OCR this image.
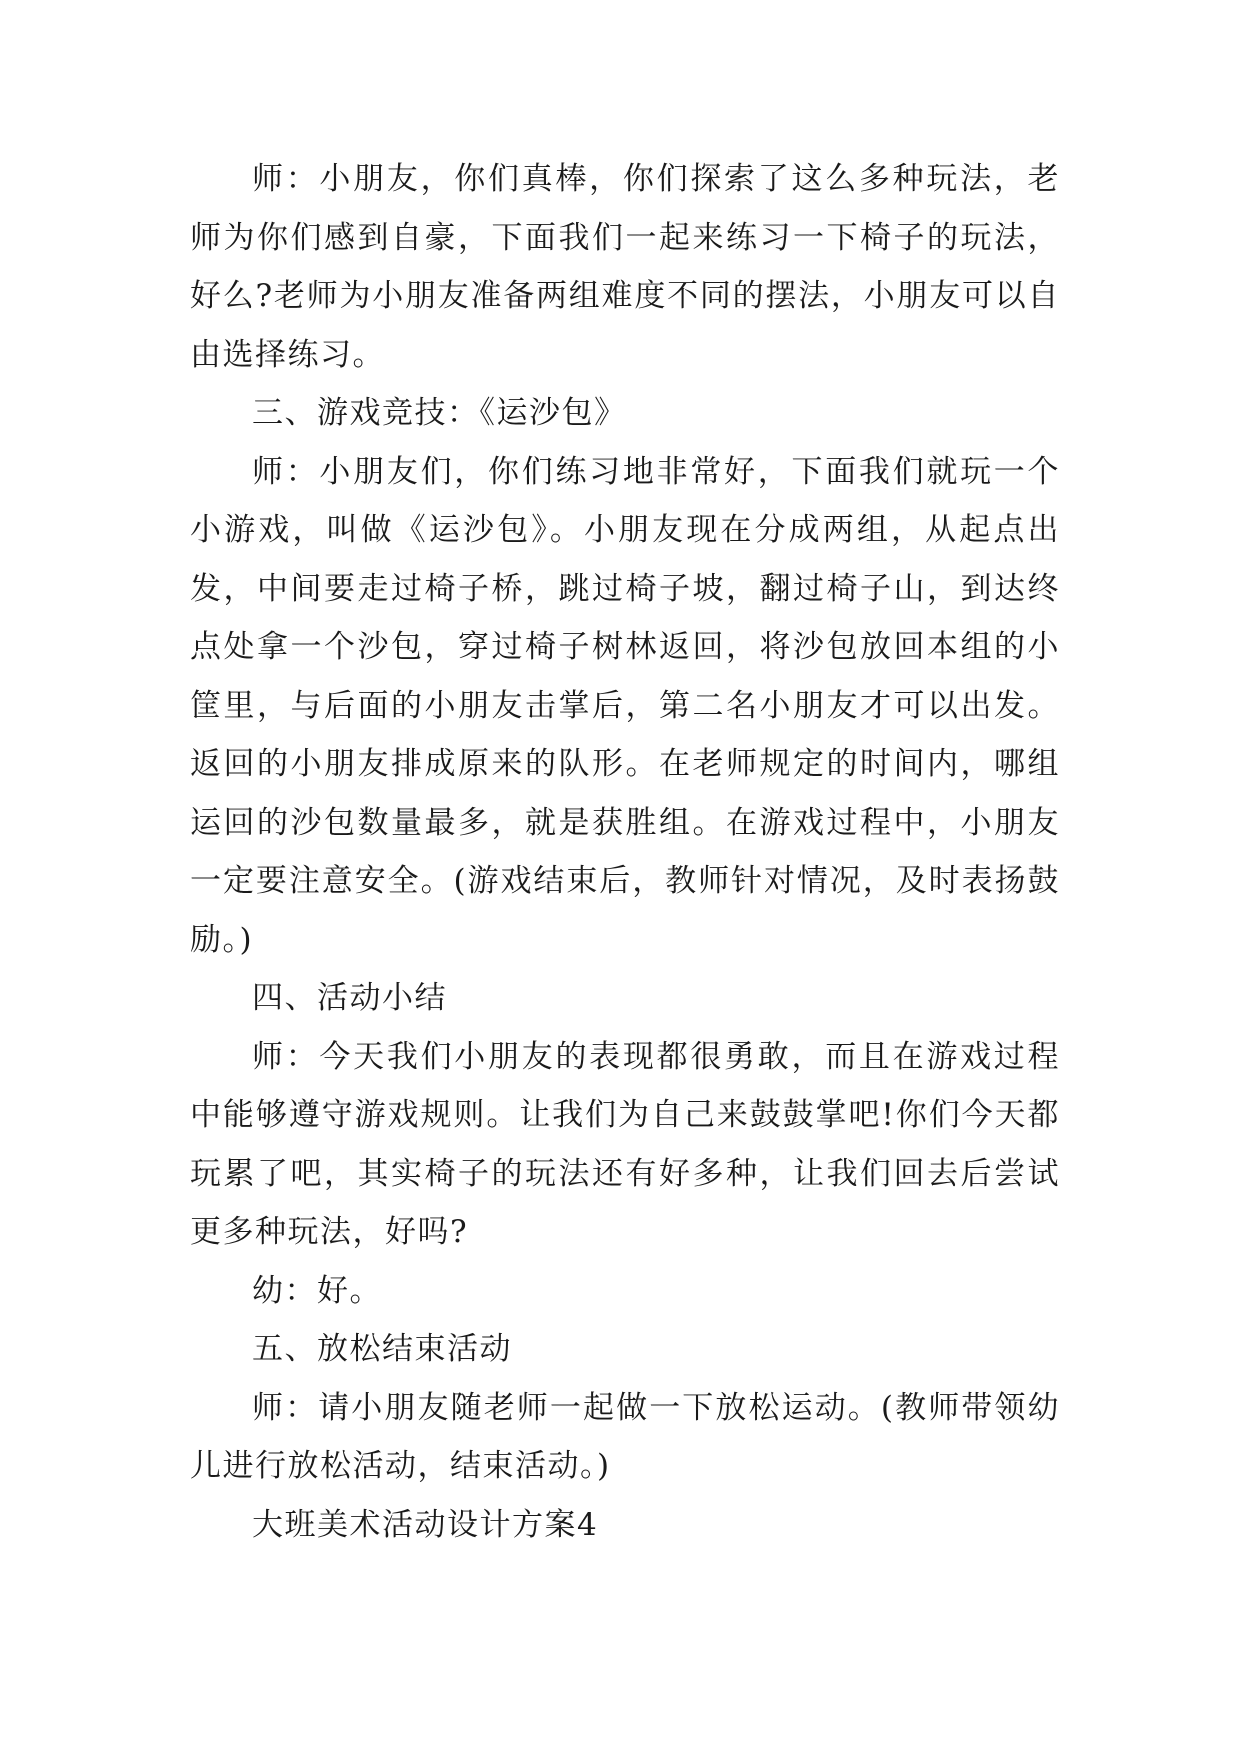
师：小朋友，你们真棒，你们探索了这么多种玩法，老师为你们感到自豪，下面我们一起来练习一下椅子的玩法，好么?老师为小朋友准备两组难度不同的摆法，小朋友可以自由选择练习。

三、游戏竞技：《运沙包》

师：小朋友们，你们练习地非常好，下面我们就玩一个小游戏，叫做《运沙包》。小朋友现在分成两组，从起点出发，中间要走过椅子桥，跳过椅子坡，翻过椅子山，到达终点处拿一个沙包，穿过椅子树林返回，将沙包放回本组的小筐里，与后面的小朋友击掌后，第二名小朋友才可以出发。返回的小朋友排成原来的队形。在老师规定的时间内，哪组运回的沙包数量最多，就是获胜组。在游戏过程中，小朋友一定要注意安全。(游戏结束后，教师针对情况，及时表扬鼓励。)

四、活动小结

师：今天我们小朋友的表现都很勇敢，而且在游戏过程中能够遵守游戏规则。让我们为自己来鼓鼓掌吧!你们今天都玩累了吧，其实椅子的玩法还有好多种，让我们回去后尝试更多种玩法，好吗?

幼：好。

五、放松结束活动

师：请小朋友随老师一起做一下放松运动。(教师带领幼儿进行放松活动，结束活动。)

大班美术活动设计方案4
